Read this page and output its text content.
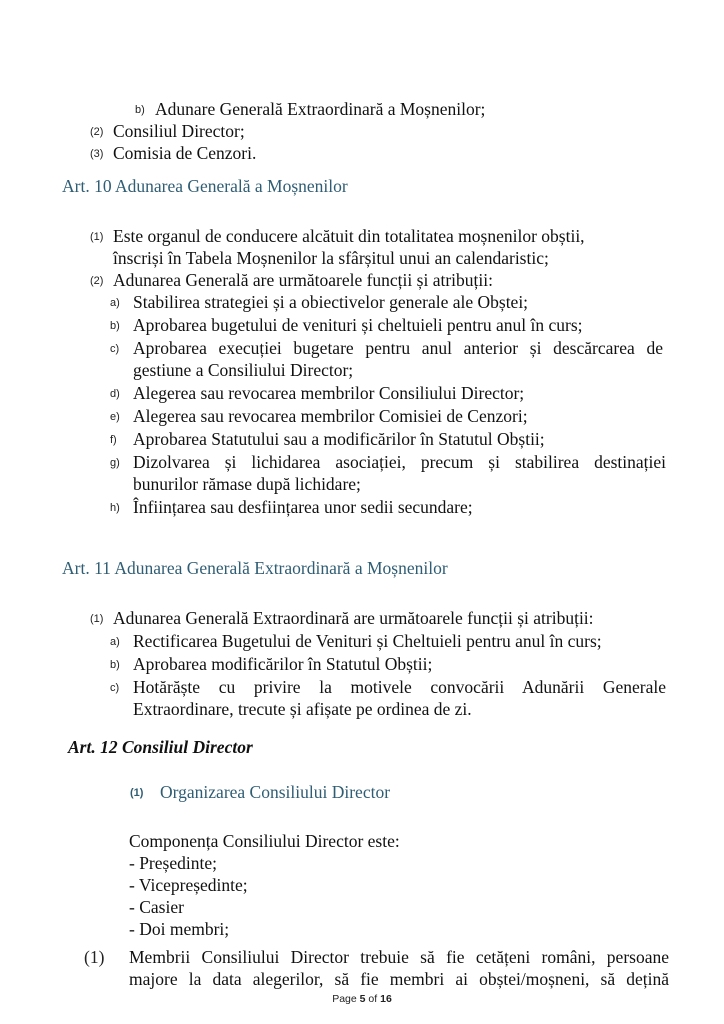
b) Adunare Generală Extraordinară a Moșnenilor;
(2) Consiliul Director;
(3) Comisia de Cenzori.
Art. 10 Adunarea Generală a Moșnenilor
(1) Este organul de conducere alcătuit din totalitatea moșnenilor obștii,
înscriși în Tabela Moșnenilor la sfârșitul unui an calendaristic;
(2) Adunarea Generală are următoarele funcții și atribuții:
a) Stabilirea strategiei și a obiectivelor generale ale Obștei;
b) Aprobarea bugetului de venituri și cheltuieli pentru anul în curs;
c) Aprobarea execuției bugetare pentru anul anterior și descărcarea de
gestiune a Consiliului Director;
d) Alegerea sau revocarea membrilor Consiliului Director;
e) Alegerea sau revocarea membrilor Comisiei de Cenzori;
f) Aprobarea Statutului sau a modificărilor în Statutul Obștii;
g) Dizolvarea și lichidarea asociației, precum și stabilirea destinației
bunurilor rămase după lichidare;
h) Înființarea sau desființarea unor sedii secundare;
Art. 11 Adunarea Generală Extraordinară a Moșnenilor
(1) Adunarea Generală Extraordinară are următoarele funcții și atribuții:
a) Rectificarea Bugetului de Venituri și Cheltuieli pentru anul în curs;
b) Aprobarea modificărilor în Statutul Obștii;
c) Hotărăște  cu  privire  la  motivele  convocării  Adunării  Generale
Extraordinare, trecute și afișate pe ordinea de zi.
Art. 12 Consiliul Director
(1) Organizarea Consiliului Director
Componența Consiliului Director este:
- Președinte;
- Vicepreședinte;
- Casier
- Doi membri;
(1) Membrii Consiliului Director trebuie să fie cetățeni români, persoane
majore la data alegerilor, să fie membri ai obștei/moșneni, să dețină
Page 5 of 16
